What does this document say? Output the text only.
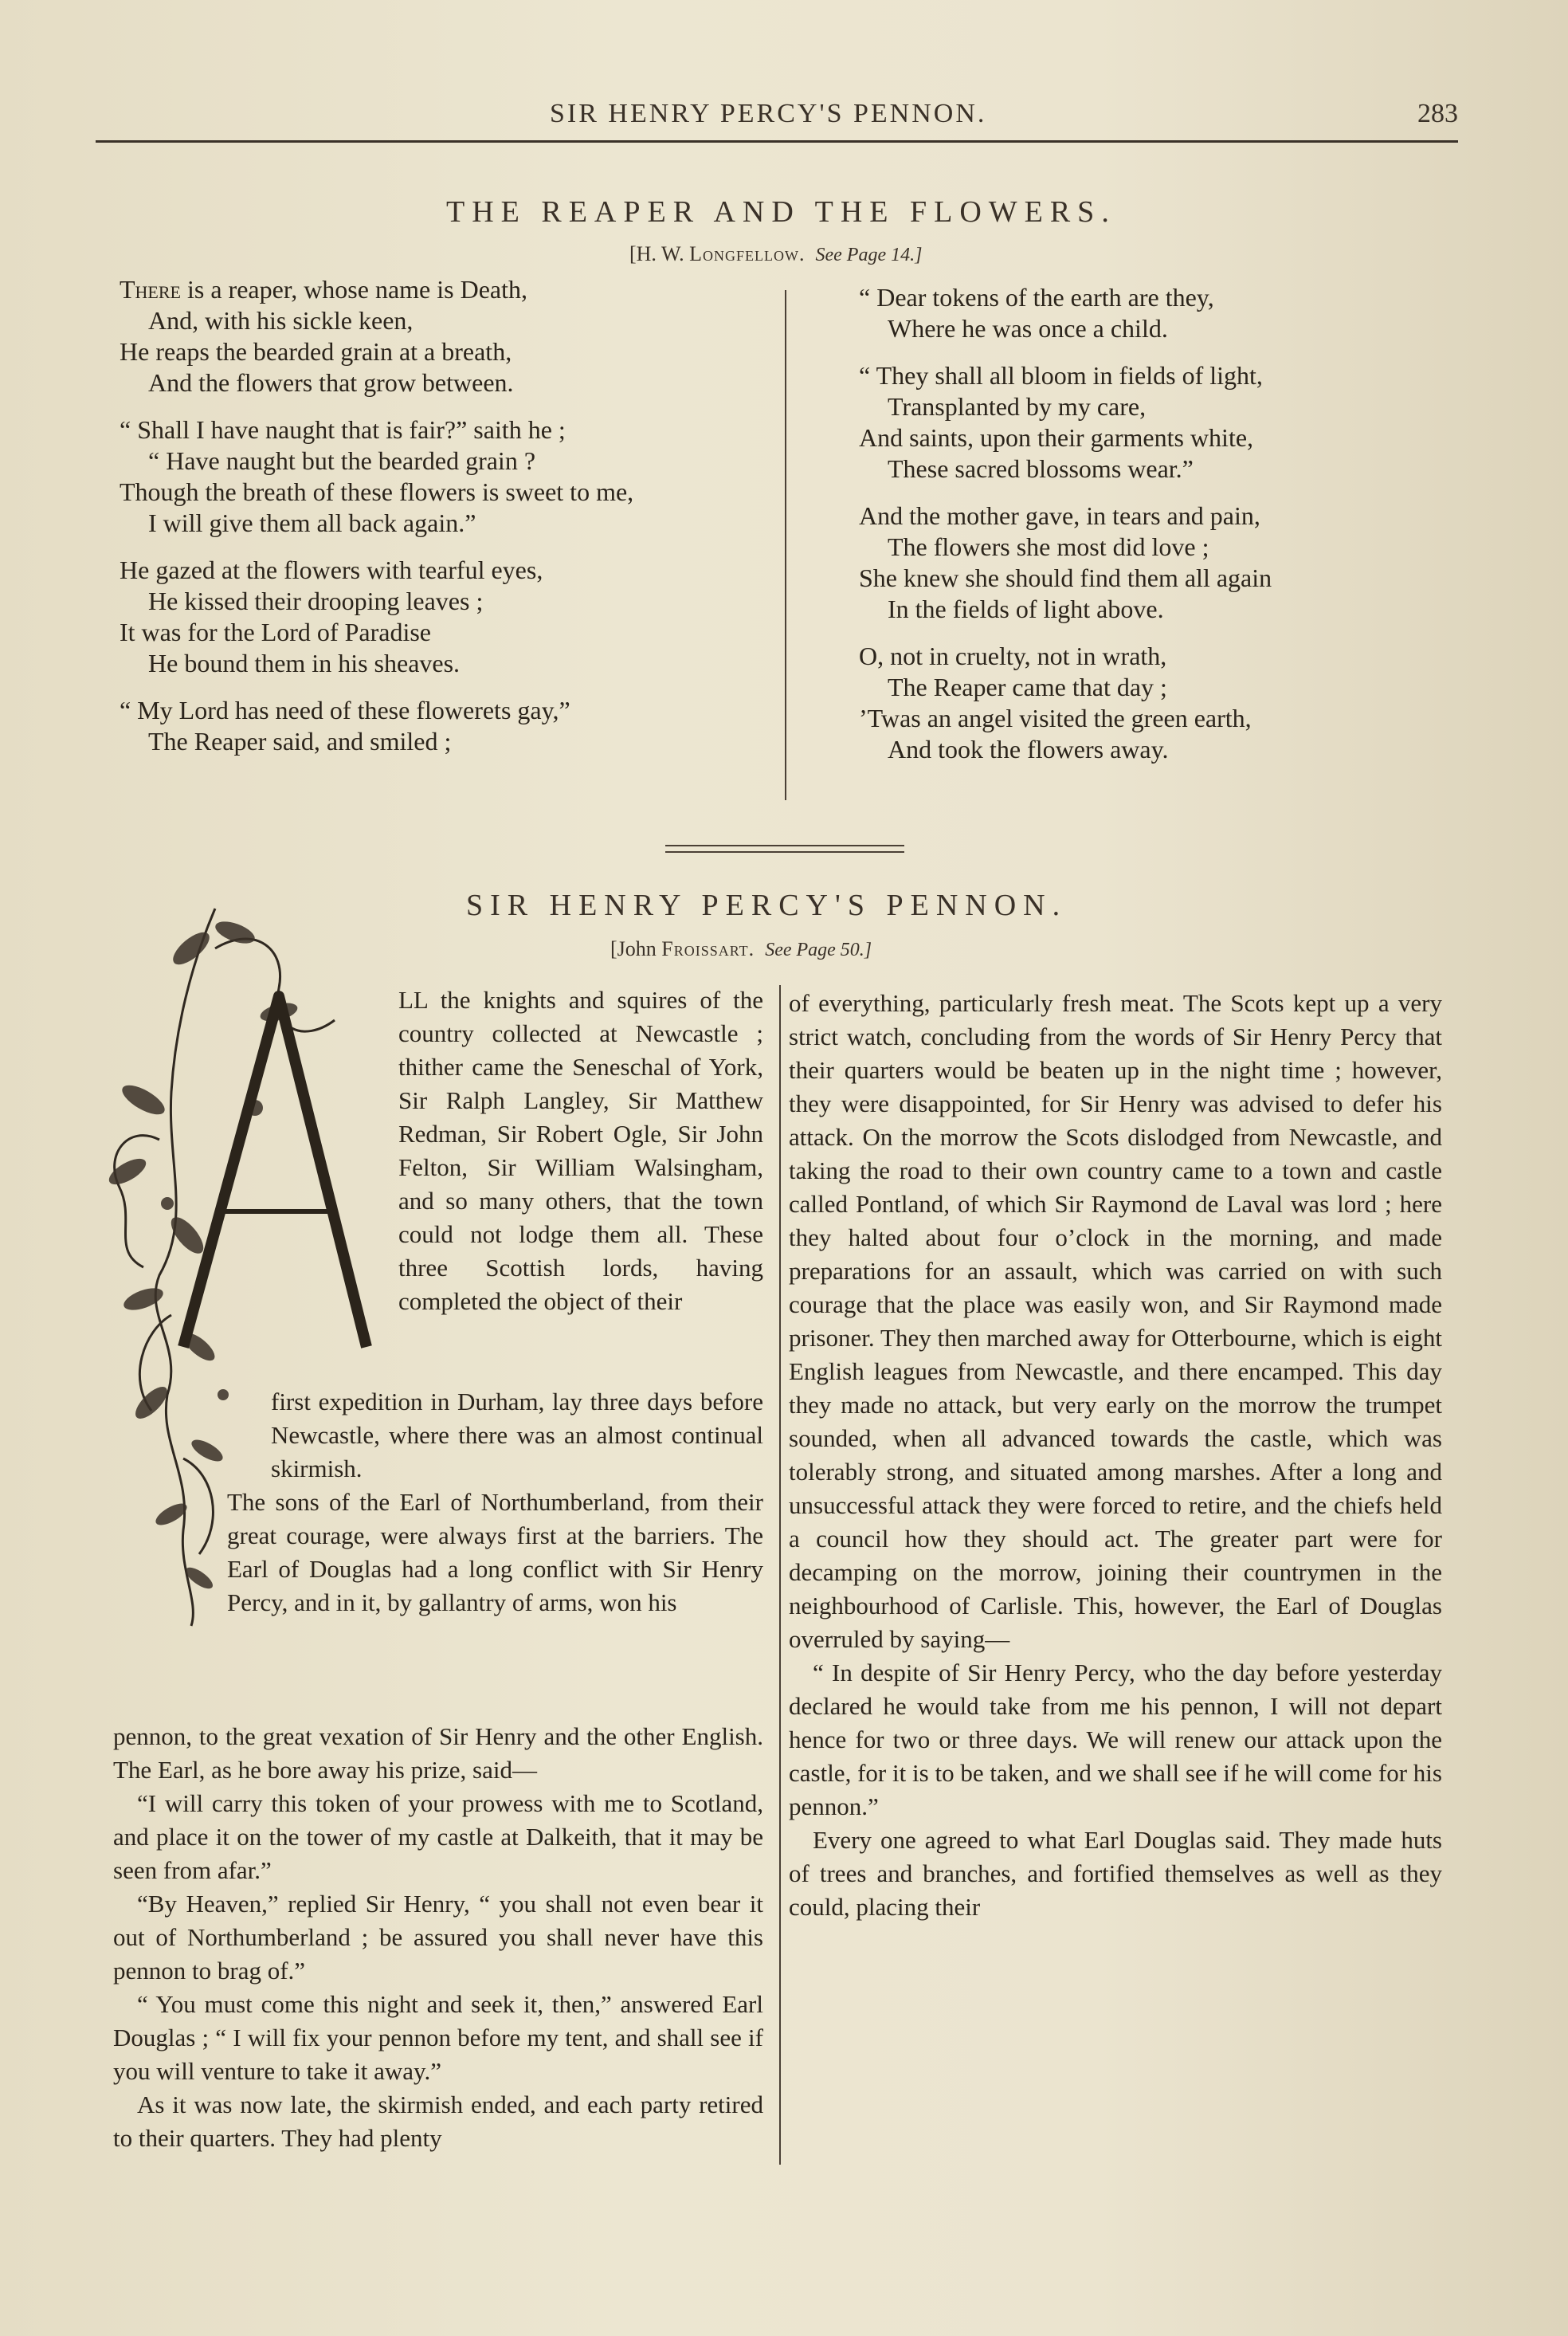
SIR HENRY PERCY'S PENNON.	283
THE REAPER AND THE FLOWERS.
[H. W. Longfellow. See Page 14.]
There is a reaper, whose name is Death,
And, with his sickle keen,
He reaps the bearded grain at a breath,
And the flowers that grow between.
“ Shall I have naught that is fair?” saith he ;
“ Have naught but the bearded grain ?
Though the breath of these flowers is sweet to me,
I will give them all back again.”
He gazed at the flowers with tearful eyes,
He kissed their drooping leaves ;
It was for the Lord of Paradise
He bound them in his sheaves.
“ My Lord has need of these flowerets gay,”
The Reaper said, and smiled ;
“ Dear tokens of the earth are they,
Where he was once a child.
“ They shall all bloom in fields of light,
Transplanted by my care,
And saints, upon their garments white,
These sacred blossoms wear.”
And the mother gave, in tears and pain,
The flowers she most did love ;
She knew she should find them all again
In the fields of light above.
O, not in cruelty, not in wrath,
The Reaper came that day ;
’Twas an angel visited the green earth,
And took the flowers away.
SIR HENRY PERCY'S PENNON.
[John Froissart. See Page 50.]
A

LL the knights and squires of the country collected at Newcastle ; thither came the Seneschal of York, Sir Ralph Langley, Sir Matthew Redman, Sir Robert Ogle, Sir John Felton, Sir William Walsingham, and so many others, that the town could not lodge them all. These three Scottish lords, having completed the object of their

first expedition in Durham, lay three days before Newcastle, where there was an almost continual skirmish.

The sons of the Earl of Northumberland, from their great courage, were always first at the barriers. The Earl of Douglas had a long conflict with Sir Henry Percy, and in it, by gallantry of arms, won his

pennon, to the great vexation of Sir Henry and the other English. The Earl, as he bore away his prize, said—

“I will carry this token of your prowess with me to Scotland, and place it on the tower of my castle at Dalkeith, that it may be seen from afar.”

“By Heaven,” replied Sir Henry, “ you shall not even bear it out of Northumberland ; be assured you shall never have this pennon to brag of.”

“ You must come this night and seek it, then,” answered Earl Douglas ; “ I will fix your pennon before my tent, and shall see if you will venture to take it away.”

As it was now late, the skirmish ended, and each party retired to their quarters. They had plenty

of everything, particularly fresh meat. The Scots kept up a very strict watch, concluding from the words of Sir Henry Percy that their quarters would be beaten up in the night time ; however, they were disappointed, for Sir Henry was advised to defer his attack. On the morrow the Scots dislodged from Newcastle, and taking the road to their own country came to a town and castle called Pontland, of which Sir Raymond de Laval was lord ; here they halted about four o’clock in the morning, and made preparations for an assault, which was carried on with such courage that the place was easily won, and Sir Raymond made prisoner. They then marched away for Otterbourne, which is eight English leagues from Newcastle, and there encamped. This day they made no attack, but very early on the morrow the trumpet sounded, when all advanced towards the castle, which was tolerably strong, and situated among marshes. After a long and unsuccessful attack they were forced to retire, and the chiefs held a council how they should act. The greater part were for decamping on the morrow, joining their countrymen in the neighbourhood of Carlisle. This, however, the Earl of Douglas overruled by saying—

“ In despite of Sir Henry Percy, who the day before yesterday declared he would take from me his pennon, I will not depart hence for two or three days. We will renew our attack upon the castle, for it is to be taken, and we shall see if he will come for his pennon.”

Every one agreed to what Earl Douglas said. They made huts of trees and branches, and fortified themselves as well as they could, placing their
